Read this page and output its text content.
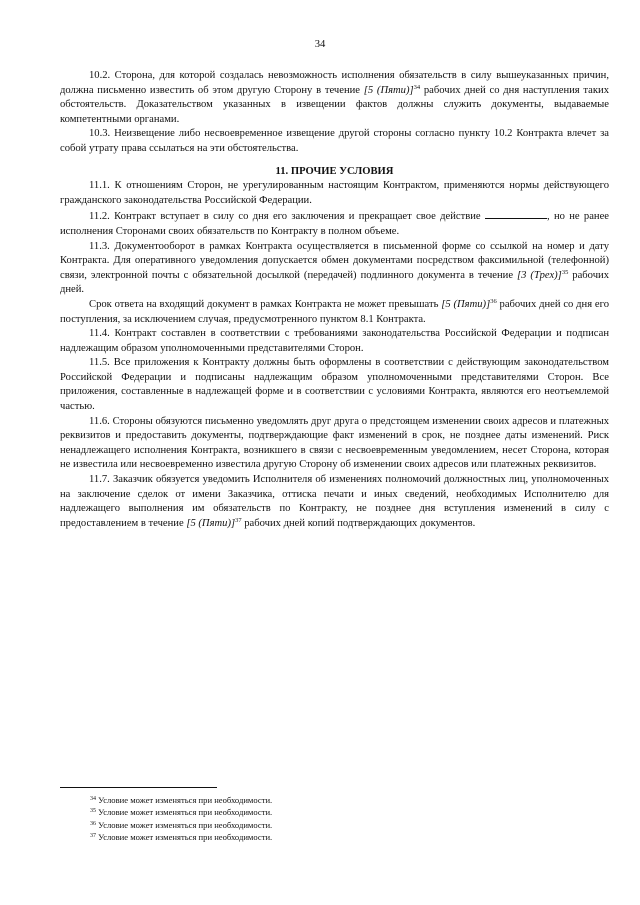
34

10.2. Сторона, для которой создалась невозможность исполнения обязательств в силу вышеуказанных причин, должна письменно известить об этом другую Сторону в течение [5 (Пяти)]$^{34}$ рабочих дней со дня наступления таких обстоятельств. Доказательством указанных в извещении фактов должны служить документы, выдаваемые компетентными органами.

10.3. Неизвещение либо несвоевременное извещение другой стороны согласно пункту 10.2 Контракта влечет за собой утрату права ссылаться на эти обстоятельства.

11. ПРОЧИЕ УСЛОВИЯ

11.1. К отношениям Сторон, не урегулированным настоящим Контрактом, применяются нормы действующего гражданского законодательства Российской Федерации.

11.2. Контракт вступает в силу со дня его заключения и прекращает свое действие	, но не ранее исполнения Сторонами своих обязательств по Контракту в полном объеме.

11.3. Документооборот в рамках Контракта осуществляется в письменной форме со ссылкой на номер и дату Контракта. Для оперативного уведомления допускается обмен документами посредством факсимильной (телефонной) связи, электронной почты с обязательной досылкой (передачей) подлинного документа в течение [3 (Трех)]$^{35}$ рабочих дней.

Срок ответа на входящий документ в рамках Контракта не может превышать [5 (Пяти)]$^{36}$ рабочих дней со дня его поступления, за исключением случая, предусмотренного пунктом 8.1 Контракта.

11.4. Контракт составлен в соответствии с требованиями законодательства Российской Федерации и подписан надлежащим образом уполномоченными представителями Сторон.

11.5. Все приложения к Контракту должны быть оформлены в соответствии с действующим законодательством Российской Федерации и подписаны надлежащим образом уполномоченными представителями Сторон. Все приложения, составленные в надлежащей форме и в соответствии с условиями Контракта, являются его неотъемлемой частью.

11.6. Стороны обязуются письменно уведомлять друг друга о предстоящем изменении своих адресов и платежных реквизитов и предоставить документы, подтверждающие факт изменений в срок, не позднее даты изменений. Риск ненадлежащего исполнения Контракта, возникшего в связи с несвоевременным уведомлением, несет Сторона, которая не известила или несвоевременно известила другую Сторону об изменении своих адресов или платежных реквизитов.

11.7. Заказчик обязуется уведомить Исполнителя об изменениях полномочий должностных лиц, уполномоченных на заключение сделок от имени Заказчика, оттиска печати и иных сведений, необходимых Исполнителю для надлежащего выполнения им обязательств по Контракту, не позднее дня вступления изменений в силу с предоставлением в течение [5 (Пяти)]$^{37}$ рабочих дней копий подтверждающих документов.

$^{34}$ Условие может изменяться при необходимости.

$^{35}$ Условие может изменяться при необходимости.

$^{36}$ Условие может изменяться при необходимости.

$^{37}$ Условие может изменяться при необходимости.
